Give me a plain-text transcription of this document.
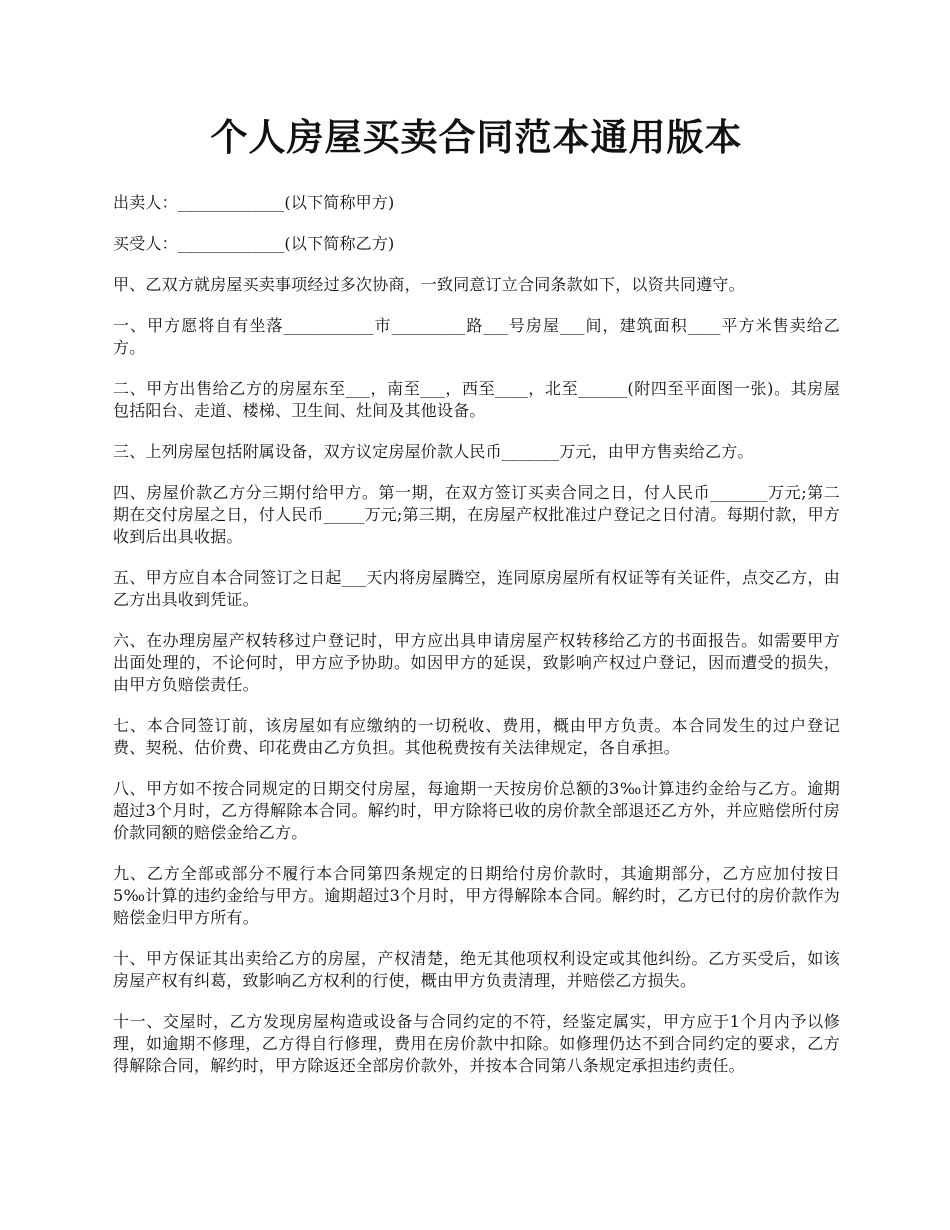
个人房屋买卖合同范本通用版本

出卖人：_____________(以下简称甲方)

买受人：_____________(以下简称乙方)

甲、乙双方就房屋买卖事项经过多次协商，一致同意订立合同条款如下，以资共同遵守。

一、甲方愿将自有坐落___________市_________路___号房屋___间，建筑面积____平方米售卖给乙方。

二、甲方出售给乙方的房屋东至___，南至___，西至____，北至______(附四至平面图一张)。其房屋包括阳台、走道、楼梯、卫生间、灶间及其他设备。

三、上列房屋包括附属设备，双方议定房屋价款人民币_______万元，由甲方售卖给乙方。

四、房屋价款乙方分三期付给甲方。第一期，在双方签订买卖合同之日，付人民币_______万元;第二期在交付房屋之日，付人民币_____万元;第三期，在房屋产权批准过户登记之日付清。每期付款，甲方收到后出具收据。

五、甲方应自本合同签订之日起___天内将房屋腾空，连同原房屋所有权证等有关证件，点交乙方，由乙方出具收到凭证。

六、在办理房屋产权转移过户登记时，甲方应出具申请房屋产权转移给乙方的书面报告。如需要甲方出面处理的，不论何时，甲方应予协助。如因甲方的延误，致影响产权过户登记，因而遭受的损失，由甲方负赔偿责任。

七、本合同签订前，该房屋如有应缴纳的一切税收、费用，概由甲方负责。本合同发生的过户登记费、契税、估价费、印花费由乙方负担。其他税费按有关法律规定，各自承担。

八、甲方如不按合同规定的日期交付房屋，每逾期一天按房价总额的3‰计算违约金给与乙方。逾期超过3个月时，乙方得解除本合同。解约时，甲方除将已收的房价款全部退还乙方外，并应赔偿所付房价款同额的赔偿金给乙方。

九、乙方全部或部分不履行本合同第四条规定的日期给付房价款时，其逾期部分，乙方应加付按日5‰计算的违约金给与甲方。逾期超过3个月时，甲方得解除本合同。解约时，乙方已付的房价款作为赔偿金归甲方所有。

十、甲方保证其出卖给乙方的房屋，产权清楚，绝无其他项权利设定或其他纠纷。乙方买受后，如该房屋产权有纠葛，致影响乙方权利的行使，概由甲方负责清理，并赔偿乙方损失。

十一、交屋时，乙方发现房屋构造或设备与合同约定的不符，经鉴定属实，甲方应于1个月内予以修理，如逾期不修理，乙方得自行修理，费用在房价款中扣除。如修理仍达不到合同约定的要求，乙方得解除合同，解约时，甲方除返还全部房价款外，并按本合同第八条规定承担违约责任。
